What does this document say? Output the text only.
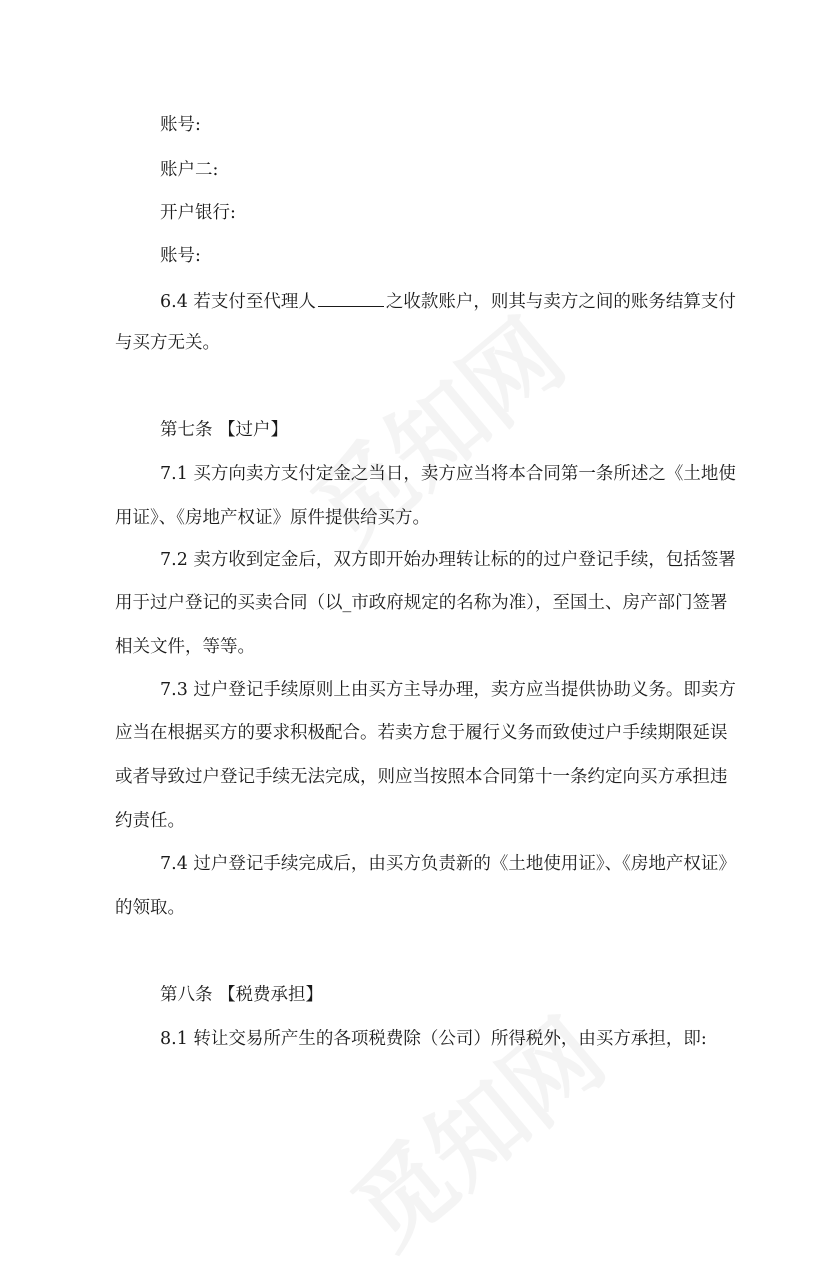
账号:
账户二:
开户银行:
账号:
6.4 若支付至代理人	之收款账户，则其与卖方之间的账务结算支付
与买方无关。
第七条 【过户】
7.1 买方向卖方支付定金之当日，卖方应当将本合同第一条所述之《土地使
用证》、《房地产权证》原件提供给买方。
7.2 卖方收到定金后，双方即开始办理转让标的的过户登记手续，包括签署
用于过户登记的买卖合同（以_市政府规定的名称为准），至国土、房产部门签署
相关文件，等等。
7.3 过户登记手续原则上由买方主导办理，卖方应当提供协助义务。即卖方
应当在根据买方的要求积极配合。若卖方怠于履行义务而致使过户手续期限延误
或者导致过户登记手续无法完成，则应当按照本合同第十一条约定向买方承担违
约责任。
7.4 过户登记手续完成后，由买方负责新的《土地使用证》、《房地产权证》
的领取。
第八条 【税费承担】
8.1 转让交易所产生的各项税费除（公司）所得税外，由买方承担，即:
